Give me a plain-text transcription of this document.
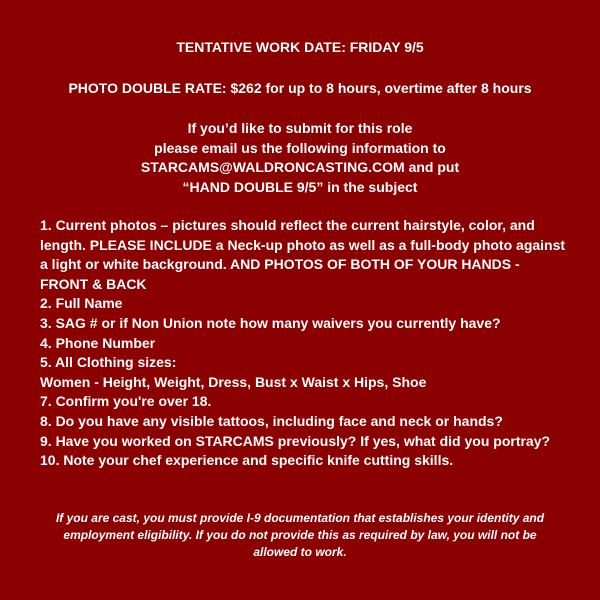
TENTATIVE WORK DATE: FRIDAY 9/5
PHOTO DOUBLE RATE: $262 for up to 8 hours, overtime after 8 hours
If you’d like to submit for this role
please email us the following information to
STARCAMS@WALDRONCASTING.COM and put
“HAND DOUBLE 9/5” in the subject
1. Current photos – pictures should reflect the current hairstyle, color, and length. PLEASE INCLUDE a Neck-up photo as well as a full-body photo against a light or white background. AND PHOTOS OF BOTH OF YOUR HANDS - FRONT & BACK
2. Full Name
3. SAG # or if Non Union note how many waivers you currently have?
4. Phone Number
5. All Clothing sizes:
Women - Height, Weight, Dress, Bust x Waist x Hips, Shoe
7. Confirm you're over 18.
8. Do you have any visible tattoos, including face and neck or hands?
9. Have you worked on STARCAMS previously? If yes, what did you portray?
10. Note your chef experience and specific knife cutting skills.
If you are cast, you must provide I-9 documentation that establishes your identity and employment eligibility. If you do not provide this as required by law, you will not be allowed to work.
